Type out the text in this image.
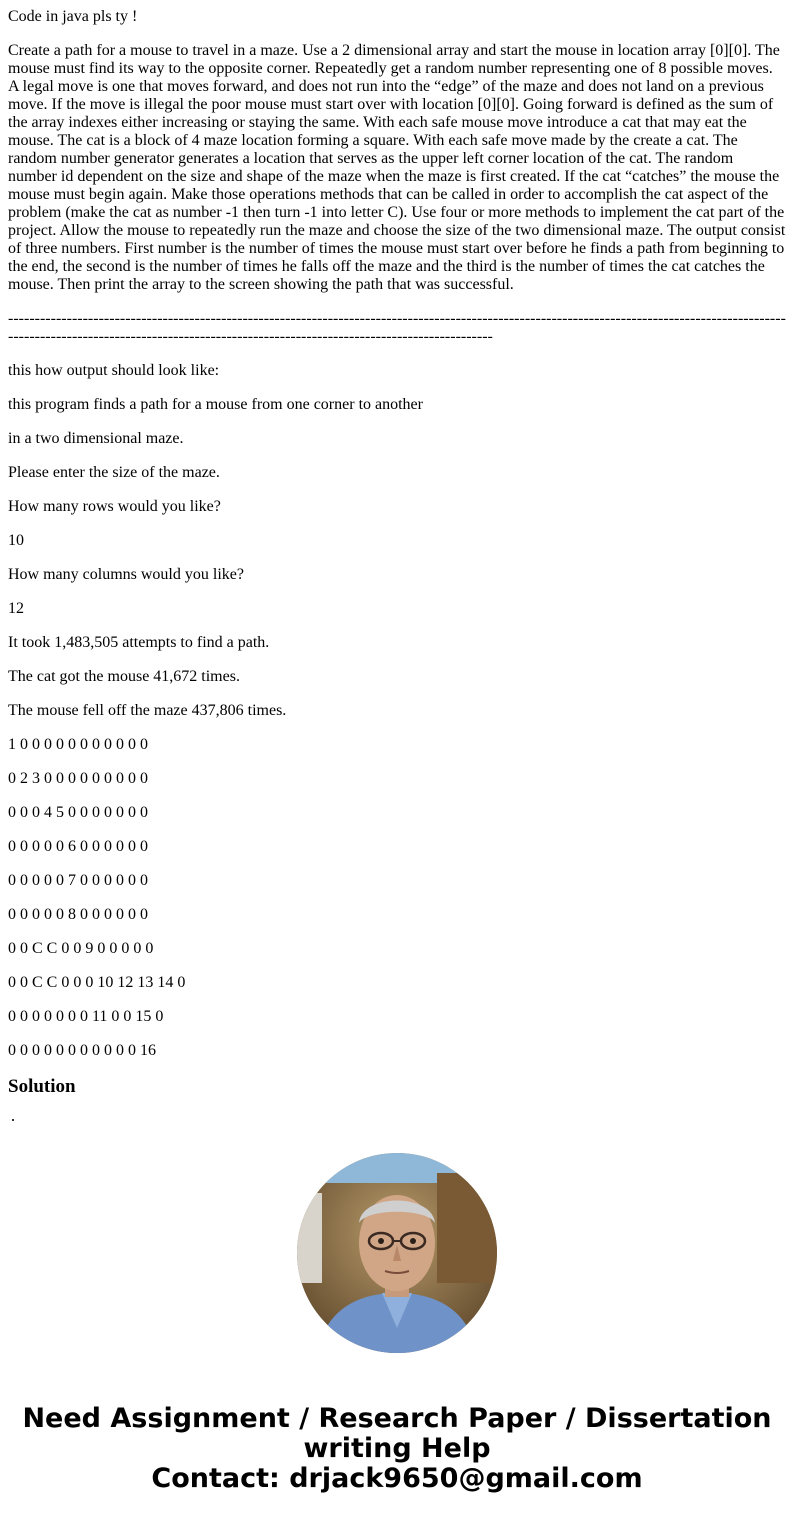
Code in java pls ty !

Create a path for a mouse to travel in a maze. Use a 2 dimensional array and start the mouse in location array [0][0]. The mouse must find its way to the opposite corner. Repeatedly get a random number representing one of 8 possible moves. A legal move is one that moves forward, and does not run into the “edge” of the maze and does not land on a previous move. If the move is illegal the poor mouse must start over with location [0][0]. Going forward is defined as the sum of the array indexes either increasing or staying the same. With each safe mouse move introduce a cat that may eat the mouse. The cat is a block of 4 maze location forming a square. With each safe move made by the create a cat. The random number generator generates a location that serves as the upper left corner location of the cat. The random number id dependent on the size and shape of the maze when the maze is first created. If the cat “catches” the mouse the mouse must begin again. Make those operations methods that can be called in order to accomplish the cat aspect of the problem (make the cat as number -1 then turn -1 into letter C). Use four or more methods to implement the cat part of the project. Allow the mouse to repeatedly run the maze and choose the size of the two dimensional maze. The output consist of three numbers. First number is the number of times the mouse must start over before he finds a path from beginning to the end, the second is the number of times he falls off the maze and the third is the number of times the cat catches the mouse. Then print the array to the screen showing the path that was successful.

---------------------------------------------------------------------------------------------------------------------------------------------------------------------------------------------------------------------------------------------

this how output should look like:

this program finds a path for a mouse from one corner to another

in a two dimensional maze.

Please enter the size of the maze.

How many rows would you like?

10

How many columns would you like?

12

It took 1,483,505 attempts to find a path.

The cat got the mouse 41,672 times.

The mouse fell off the maze 437,806 times.

1 0 0 0 0 0 0 0 0 0 0 0

0 2 3 0 0 0 0 0 0 0 0 0

0 0 0 4 5 0 0 0 0 0 0 0

0 0 0 0 0 6 0 0 0 0 0 0

0 0 0 0 0 7 0 0 0 0 0 0

0 0 0 0 0 8 0 0 0 0 0 0

0 0 C C 0 0 9 0 0 0 0 0

0 0 C C 0 0 0 10 12 13 14 0

0 0 0 0 0 0 0 11 0 0 15 0

0 0 0 0 0 0 0 0 0 0 0 16

Solution
Need Assignment / Research Paper / Dissertation
writing Help
Contact: drjack9650@gmail.com
